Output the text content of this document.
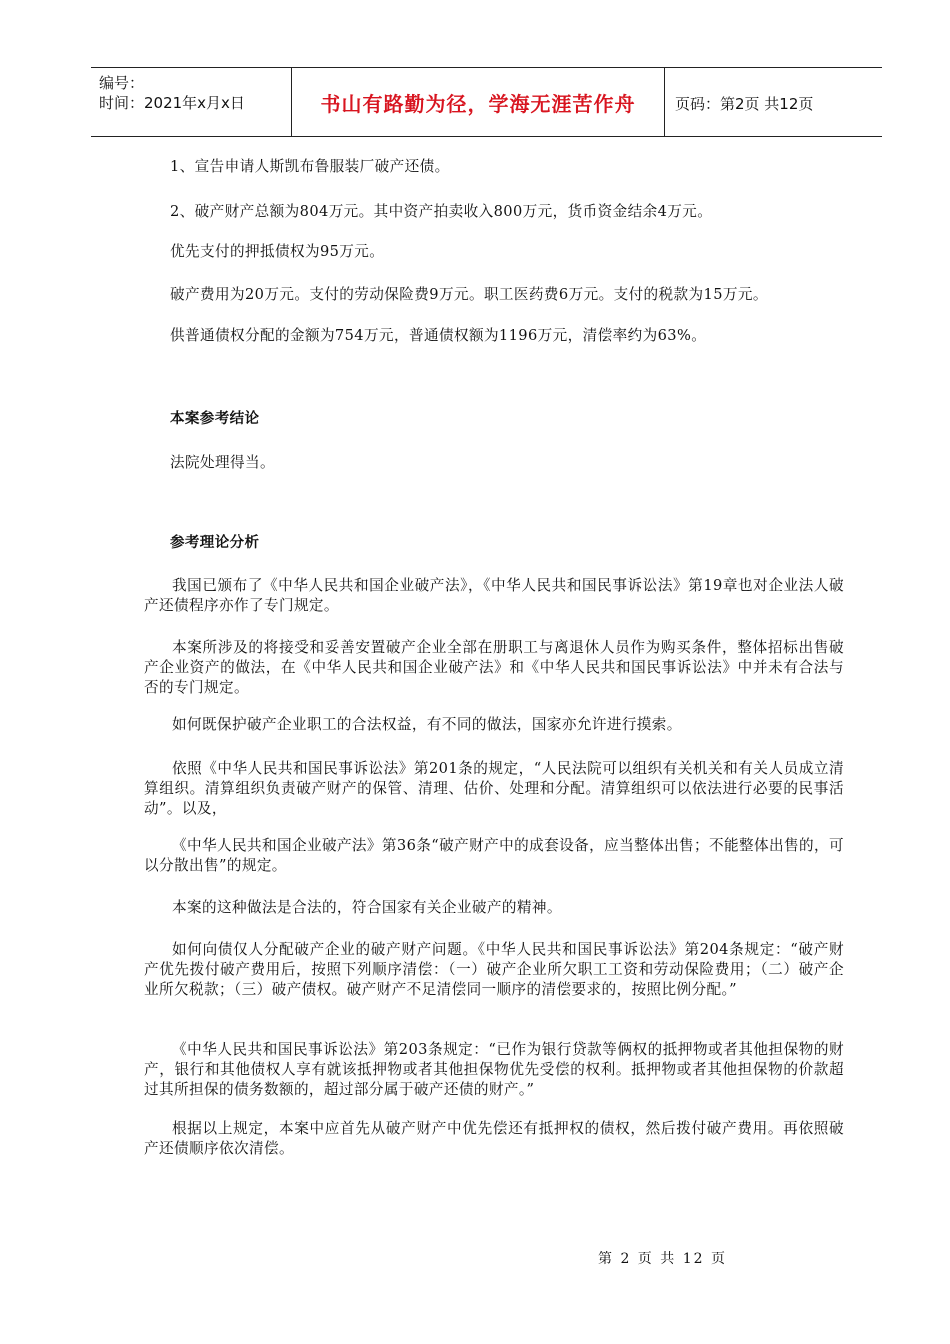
编号：
时间：2021年x月x日	书山有路勤为径，学海无涯苦作舟	页码：第2页 共12页

1、宣告申请人斯凯布鲁服装厂破产还债。

2、破产财产总额为804万元。其中资产拍卖收入800万元，货币资金结余4万元。

优先支付的押抵债权为95万元。

破产费用为20万元。支付的劳动保险费9万元。职工医药费6万元。支付的税款为15万元。

供普通债权分配的金额为754万元，普通债权额为1196万元，清偿率约为63%。

本案参考结论

法院处理得当。

参考理论分析

我国已颁布了《中华人民共和国企业破产法》，《中华人民共和国民事诉讼法》第19章也对企业法人破产还债程序亦作了专门规定。

本案所涉及的将接受和妥善安置破产企业全部在册职工与离退休人员作为购买条件，整体招标出售破产企业资产的做法，在《中华人民共和国企业破产法》和《中华人民共和国民事诉讼法》中并未有合法与否的专门规定。

如何既保护破产企业职工的合法权益，有不同的做法，国家亦允许进行摸索。

依照《中华人民共和国民事诉讼法》第201条的规定，“人民法院可以组织有关机关和有关人员成立清算组织。清算组织负责破产财产的保管、清理、估价、处理和分配。清算组织可以依法进行必要的民事活动”。以及，

《中华人民共和国企业破产法》第36条“破产财产中的成套设备，应当整体出售；不能整体出售的，可以分散出售”的规定。

本案的这种做法是合法的，符合国家有关企业破产的精神。

如何向债仅人分配破产企业的破产财产问题。《中华人民共和国民事诉讼法》第204条规定：“破产财产优先拨付破产费用后，按照下列顺序清偿：（一）破产企业所欠职工工资和劳动保险费用；（二）破产企业所欠税款；（三）破产债权。破产财产不足清偿同一顺序的清偿要求的，按照比例分配。”

《中华人民共和国民事诉讼法》第203条规定：“已作为银行贷款等俩权的抵押物或者其他担保物的财产，银行和其他债权人享有就该抵押物或者其他担保物优先受偿的权利。抵押物或者其他担保物的价款超过其所担保的债务数额的，超过部分属于破产还债的财产。”

根据以上规定，本案中应首先从破产财产中优先偿还有抵押权的债权，然后拨付破产费用。再依照破产还债顺序依次清偿。

第 2 页 共 12 页
